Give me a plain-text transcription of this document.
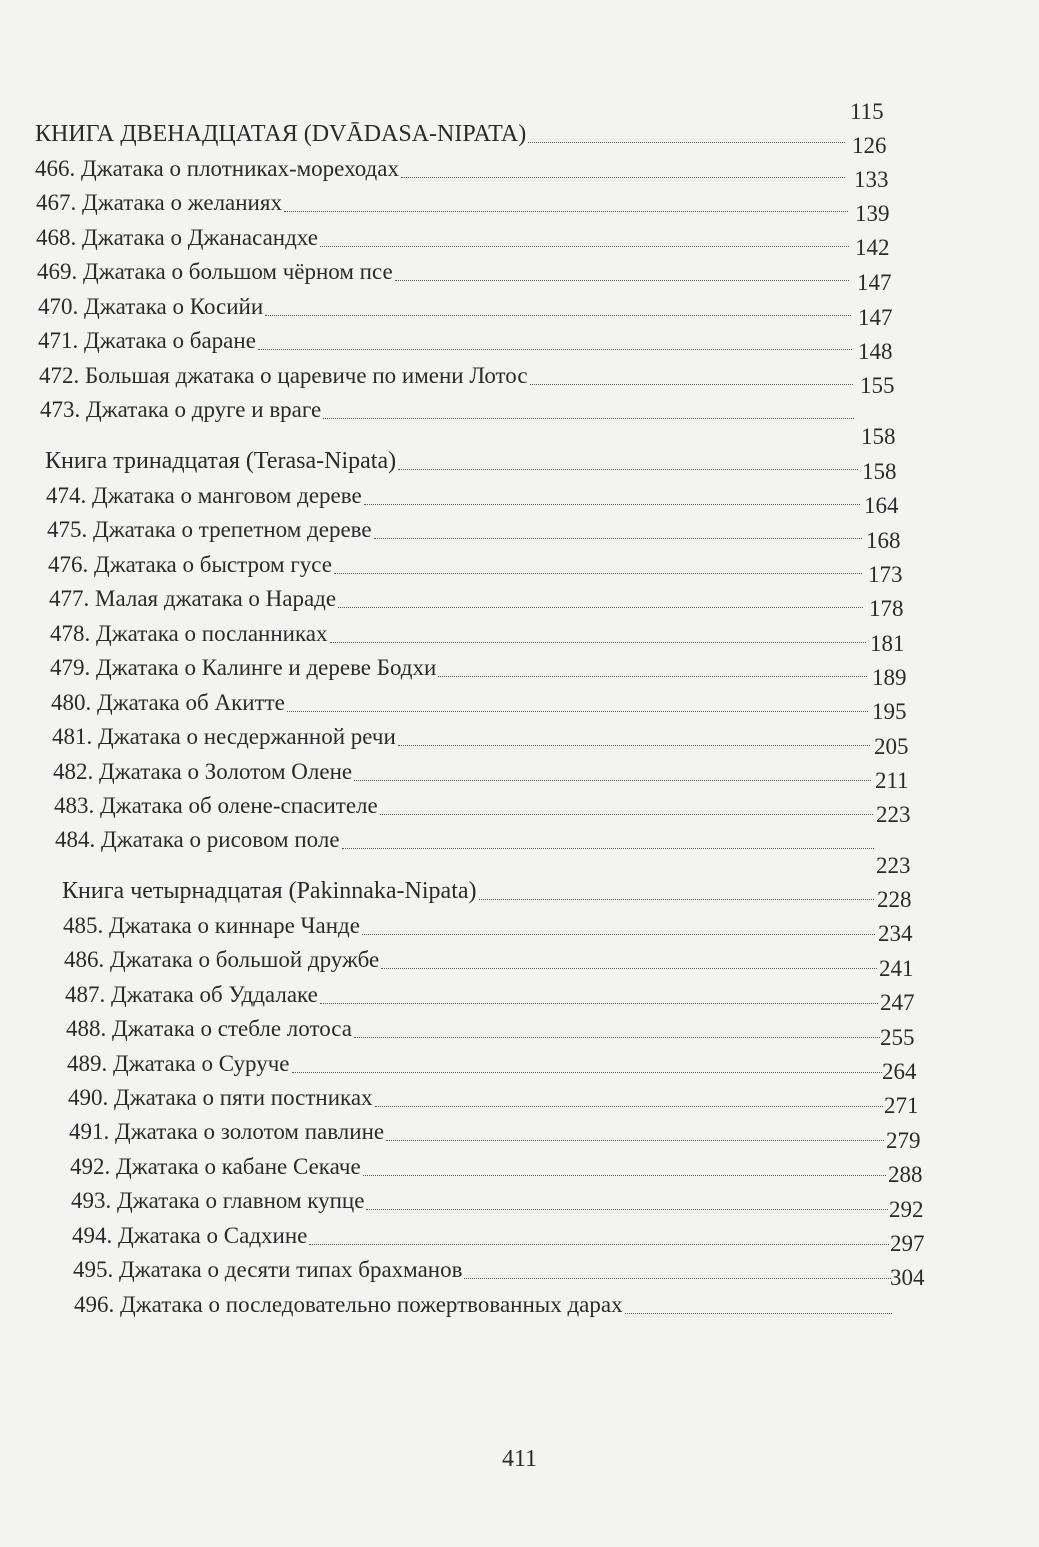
КНИГА ДВЕНАДЦАТАЯ (DVĀDASA-NIPATA)
115
466. Джатака о плотниках-мореходах
126
467. Джатака о желаниях
133
468. Джатака о Джанасандхе
139
469. Джатака о большом чёрном псе
142
470. Джатака о Косийи
147
471. Джатака о баране
147
472. Большая джатака о царевиче по имени Лотос
148
473. Джатака о друге и враге
155
Книга тринадцатая (Terasa-Nipata)
158
474. Джатака о манговом дереве
158
475. Джатака о трепетном дереве
164
476. Джатака о быстром гусе
168
477. Малая джатака о Нараде
173
478. Джатака о посланниках
178
479. Джатака о Калинге и дереве Бодхи
181
480. Джатака об Акитте
189
481. Джатака о несдержанной речи
195
482. Джатака о Золотом Олене
205
483. Джатака об олене-спасителе
211
484. Джатака о рисовом поле
223
Книга четырнадцатая (Pakinnaka-Nipata)
223
485. Джатака о киннаре Чанде
228
486. Джатака о большой дружбе
234
487. Джатака об Уддалаке
241
488. Джатака о стебле лотоса
247
489. Джатака о Суруче
255
490. Джатака о пяти постниках
264
491. Джатака о золотом павлине
271
492. Джатака о кабане Секаче
279
493. Джатака о главном купце
288
494. Джатака о Садхине
292
495. Джатака о десяти типах брахманов
297
496. Джатака о последовательно пожертвованных дарах
304
411
